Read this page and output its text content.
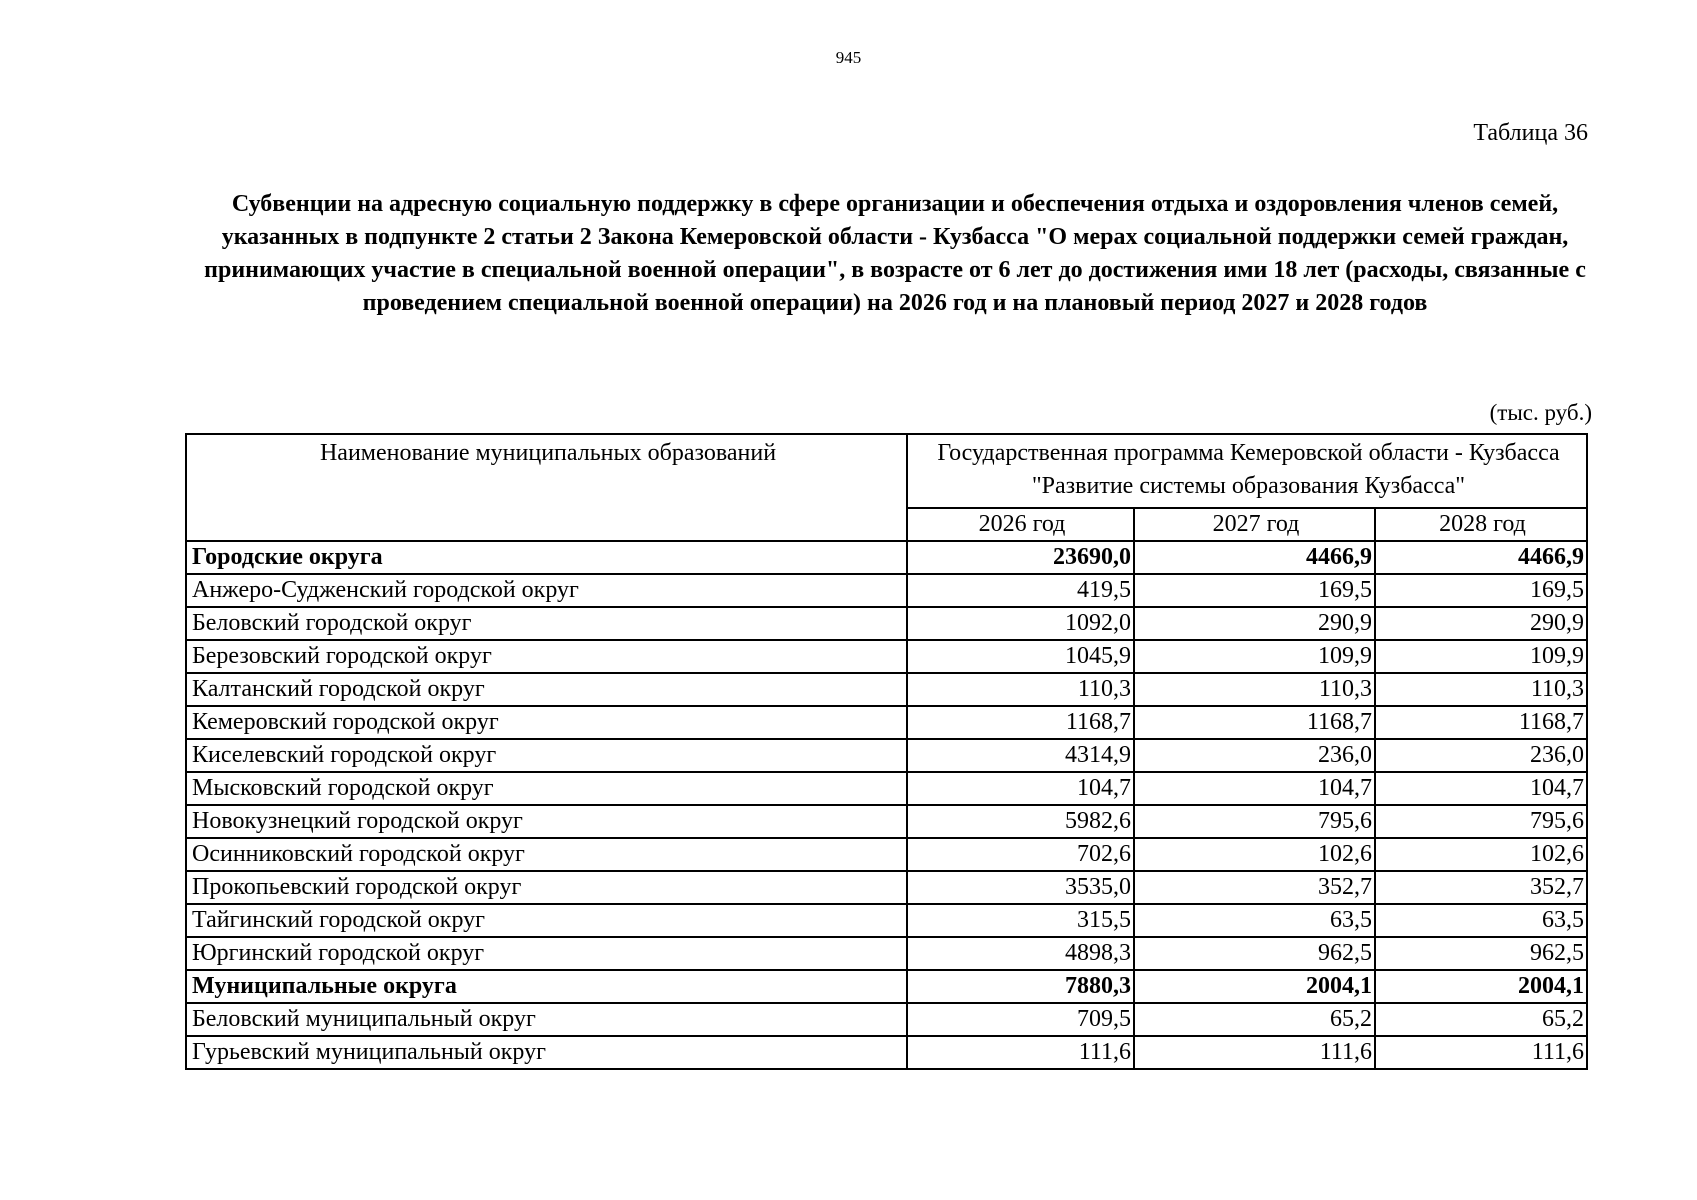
945
Таблица 36
Субвенции на адресную социальную поддержку в сфере организации и обеспечения отдыха и оздоровления членов семей, указанных в подпункте 2 статьи 2 Закона Кемеровской области - Кузбасса "О мерах социальной поддержки семей граждан, принимающих участие в специальной военной операции", в возрасте от 6 лет до достижения ими 18 лет (расходы, связанные с проведением специальной военной операции) на 2026 год и на плановый период 2027 и 2028 годов
(тыс. руб.)
Наименование муниципальных образований	Государственная программа Кемеровской области - Кузбасса "Развитие системы образования Кузбасса"		
	2026 год	2027 год	2028 год
Городские округа	23690,0	4466,9	4466,9
Анжеро-Судженский городской округ	419,5	169,5	169,5
Беловский городской округ	1092,0	290,9	290,9
Березовский городской округ	1045,9	109,9	109,9
Калтанский городской округ	110,3	110,3	110,3
Кемеровский городской округ	1168,7	1168,7	1168,7
Киселевский городской округ	4314,9	236,0	236,0
Мысковский городской округ	104,7	104,7	104,7
Новокузнецкий городской округ	5982,6	795,6	795,6
Осинниковский городской округ	702,6	102,6	102,6
Прокопьевский городской округ	3535,0	352,7	352,7
Тайгинский городской округ	315,5	63,5	63,5
Юргинский городской округ	4898,3	962,5	962,5
Муниципальные округа	7880,3	2004,1	2004,1
Беловский муниципальный округ	709,5	65,2	65,2
Гурьевский муниципальный округ	111,6	111,6	111,6
